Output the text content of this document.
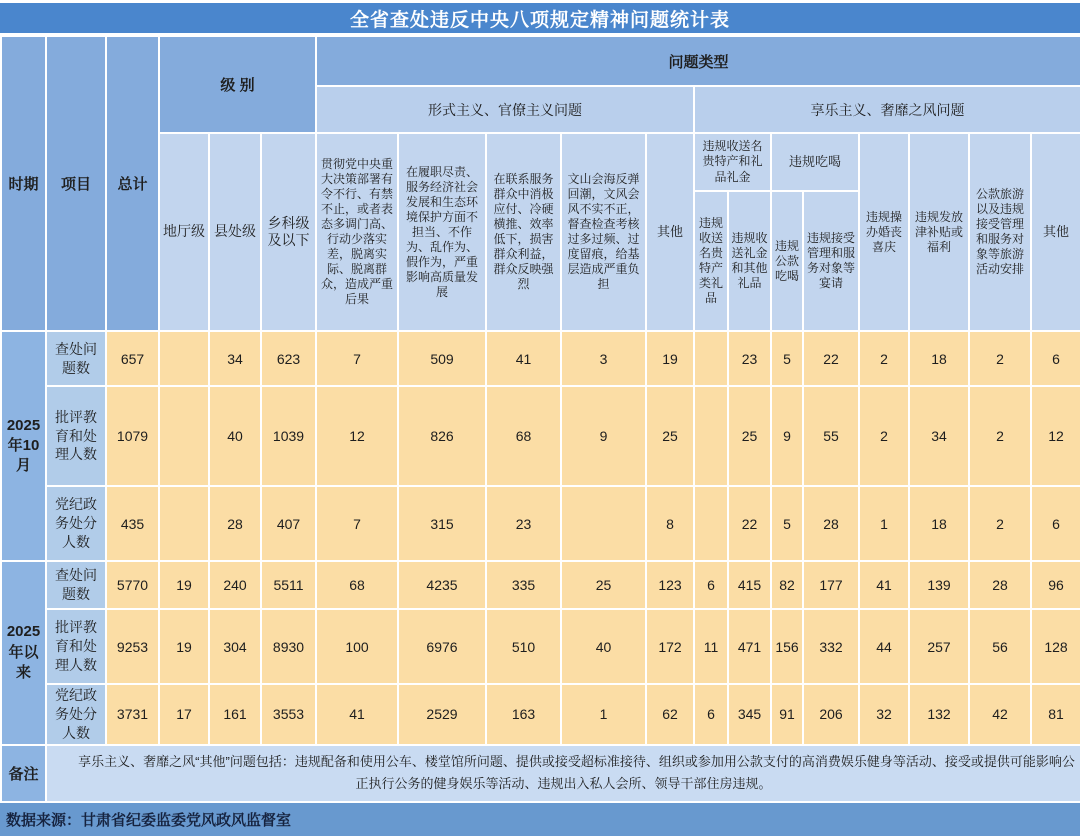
全省查处违反中央八项规定精神问题统计表
时期	项目	总计	级 别			问题类型												
						形式主义、官僚主义问题					享乐主义、奢靡之风问题							
			地厅级	县处级	乡科级及以下	贯彻党中央重大决策部署有令不行、有禁不止，或者表态多调门高、行动少落实差，脱离实际、脱离群众，造成严重后果	在履职尽责、服务经济社会发展和生态环境保护方面不担当、不作为、乱作为、假作为，严重影响高质量发展	在联系服务群众中消极应付、冷硬横推、效率低下，损害群众利益，群众反映强烈	文山会海反弹回潮，文风会风不实不正，督查检查考核过多过频、过度留痕，给基层造成严重负担	其他	违规收送名贵特产和礼品礼金		违规吃喝		违规操办婚丧喜庆	违规发放津补贴或福利	公款旅游以及违规接受管理和服务对象等旅游活动安排	其他
											违规收送名贵特产类礼品	违规收送礼金和其他礼品	违规公款吃喝	违规接受管理和服务对象等宴请				
2025年10月	查处问题数	657		34	623	7	509	41	3	19		23	5	22	2	18	2	6
	批评教育和处理人数	1079		40	1039	12	826	68	9	25		25	9	55	2	34	2	12
	党纪政务处分人数	435		28	407	7	315	23		8		22	5	28	1	18	2	6
2025年以来	查处问题数	5770	19	240	5511	68	4235	335	25	123	6	415	82	177	41	139	28	96
	批评教育和处理人数	9253	19	304	8930	100	6976	510	40	172	11	471	156	332	44	257	56	128
	党纪政务处分人数	3731	17	161	3553	41	2529	163	1	62	6	345	91	206	32	132	42	81
备注	享乐主义、奢靡之风“其他”问题包括：违规配备和使用公车、楼堂馆所问题、提供或接受超标准接待、组织或参加用公款支付的高消费娱乐健身等活动、接受或提供可能影响公正执行公务的健身娱乐等活动、违规出入私人会所、领导干部住房违规。																	
数据来源：甘肃省纪委监委党风政风监督室
